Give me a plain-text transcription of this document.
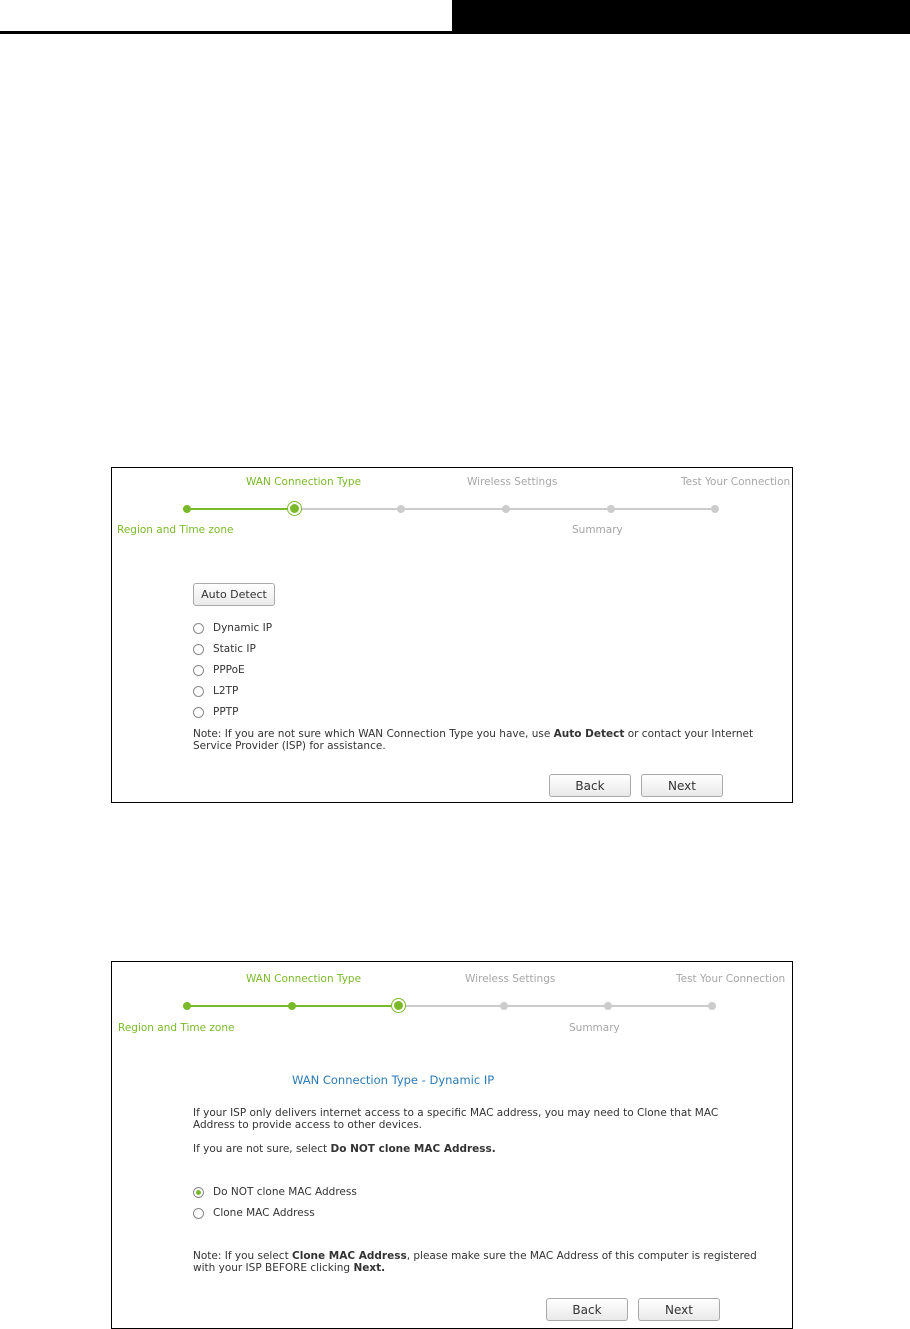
WAN Connection Type	Wireless Settings	Test Your Connection
Region and Time zone	Summary
Auto Detect
Dynamic IP
Static IP
PPPoE
L2TP
PPTP
Note: If you are not sure which WAN Connection Type you have, use Auto Detect or contact your Internet
Service Provider (ISP) for assistance.
Back	Next
WAN Connection Type	Wireless Settings	Test Your Connection
Region and Time zone	Summary
WAN Connection Type - Dynamic IP
If your ISP only delivers internet access to a specific MAC address, you may need to Clone that MAC
Address to provide access to other devices.
If you are not sure, select Do NOT clone MAC Address.
Do NOT clone MAC Address
Clone MAC Address
Note: If you select Clone MAC Address, please make sure the MAC Address of this computer is registered
with your ISP BEFORE clicking Next.
Back	Next
